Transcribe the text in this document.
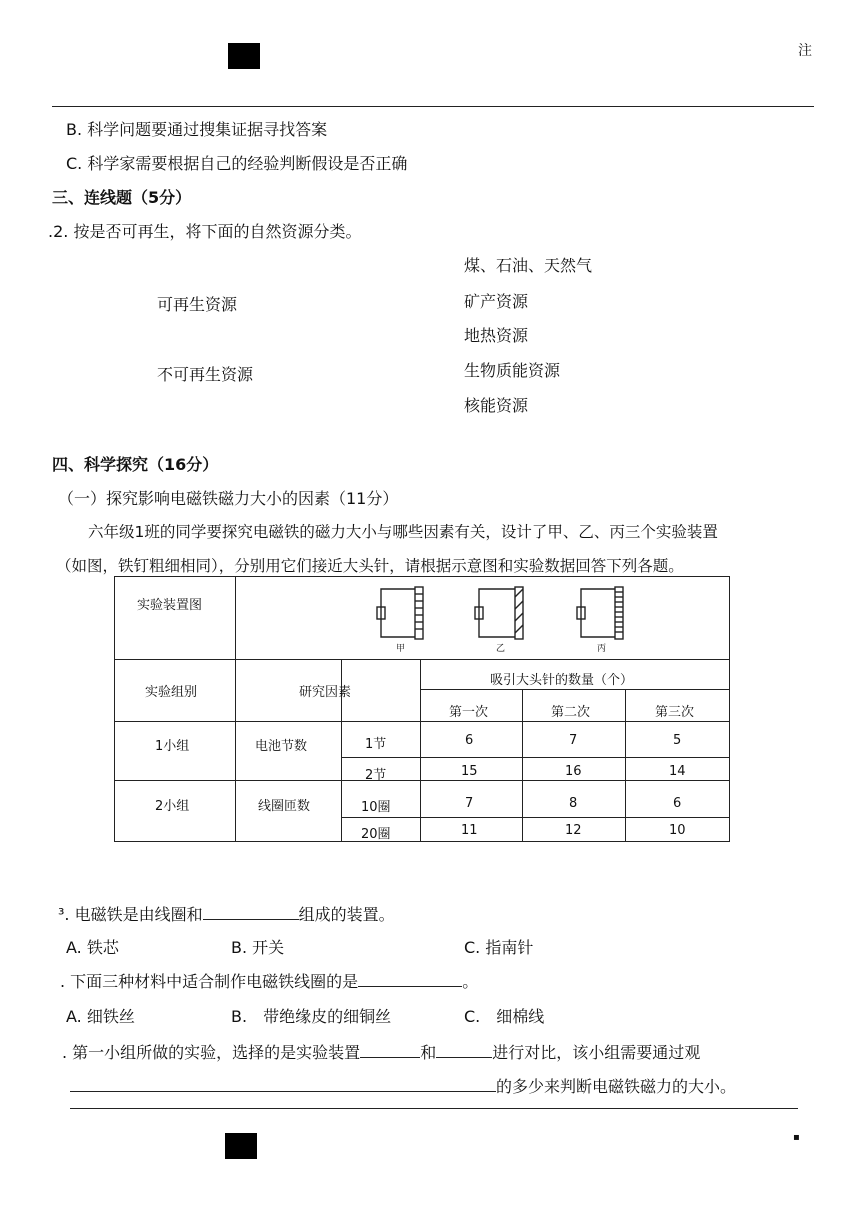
注
▪
B. 科学问题要通过搜集证据寻找答案
C. 科学家需要根据自己的经验判断假设是否正确
三、连线题（5分）
.2. 按是否可再生，将下面的自然资源分类。
可再生资源
不可再生资源
煤、石油、天然气
矿产资源
地热资源
生物质能资源
核能资源
四、科学探究（16分）
（一）探究影响电磁铁磁力大小的因素（11分）
六年级1班的同学要探究电磁铁的磁力大小与哪些因素有关，设计了甲、乙、丙三个实验装置
（如图，铁钉粗细相同），分别用它们接近大头针，请根据示意图和实验数据回答下列各题。
实验装置图
甲	乙	丙
实验组别	研究因素
吸引大头针的数量（个）
第一次	第二次	第三次
1小组	电池节数	1节	6	7	5
2节	15	16	14
2小组	线圈匝数	10圈	7	8	6
20圈	11	12	10
³. 电磁铁是由线圈和	组成的装置。
A. 铁芯	B. 开关	C. 指南针
. 下面三种材料中适合制作电磁铁线圈的是	。
A. 细铁丝	B.　带绝缘皮的细铜丝	C.　细棉线
. 第一小组所做的实验，选择的是实验装置	和	进行对比，该小组需要通过观
的多少来判断电磁铁磁力的大小。
